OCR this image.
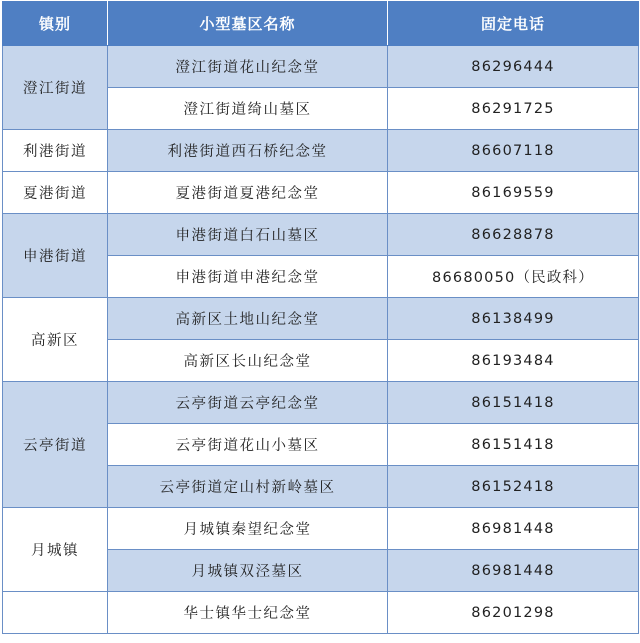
镇别	小型墓区名称	固定电话
澄江街道	澄江街道花山纪念堂	86296444
	澄江街道绮山墓区	86291725
利港街道	利港街道西石桥纪念堂	86607118
夏港街道	夏港街道夏港纪念堂	86169559
申港街道	申港街道白石山墓区	86628878
	申港街道申港纪念堂	86680050（民政科）
高新区	高新区土地山纪念堂	86138499
	高新区长山纪念堂	86193484
云亭街道	云亭街道云亭纪念堂	86151418
	云亭街道花山小墓区	86151418
	云亭街道定山村新岭墓区	86152418
月城镇	月城镇秦望纪念堂	86981448
	月城镇双泾墓区	86981448
	华士镇华士纪念堂	86201298
